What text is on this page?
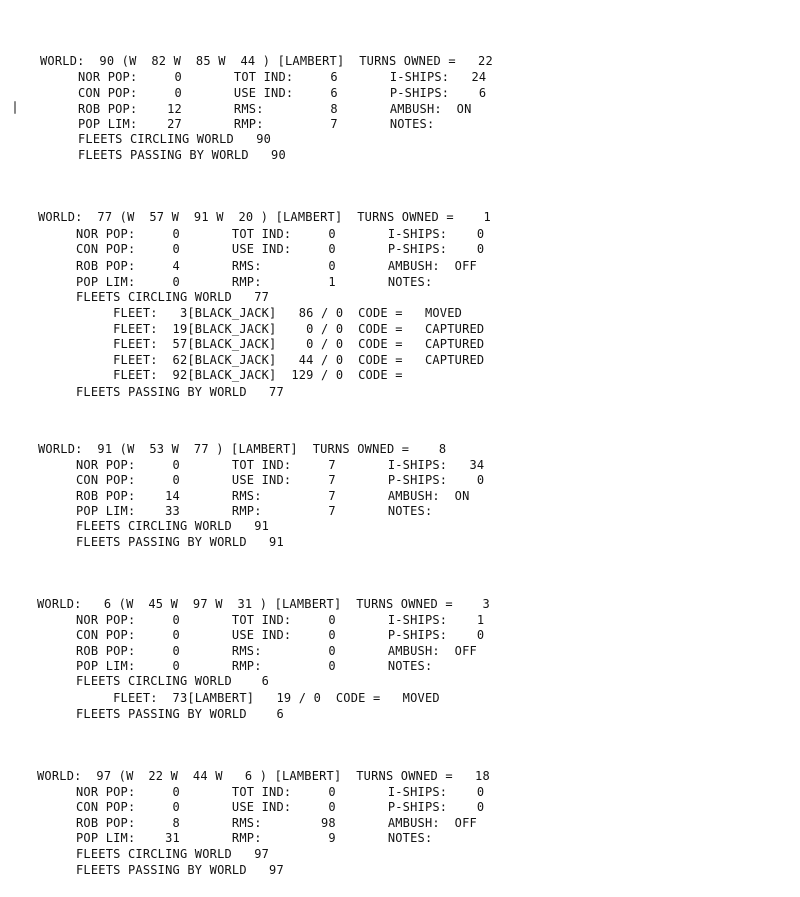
WORLD:  90 (W  82 W  85 W  44 ) [LAMBERT]  TURNS OWNED =   22
NOR POP:     0       TOT IND:     6       I-SHIPS:   24
CON POP:     0       USE IND:     6       P-SHIPS:    6
ROB POP:    12       RMS:         8       AMBUSH:  ON
POP LIM:    27       RMP:         7       NOTES:
FLEETS CIRCLING WORLD   90
FLEETS PASSING BY WORLD   90
WORLD:  77 (W  57 W  91 W  20 ) [LAMBERT]  TURNS OWNED =    1
NOR POP:     0       TOT IND:     0       I-SHIPS:    0
CON POP:     0       USE IND:     0       P-SHIPS:    0
ROB POP:     4       RMS:         0       AMBUSH:  OFF
POP LIM:     0       RMP:         1       NOTES:
FLEETS CIRCLING WORLD   77
FLEET:   3[BLACK_JACK]   86 / 0  CODE =   MOVED
FLEET:  19[BLACK_JACK]    0 / 0  CODE =   CAPTURED
FLEET:  57[BLACK_JACK]    0 / 0  CODE =   CAPTURED
FLEET:  62[BLACK_JACK]   44 / 0  CODE =   CAPTURED
FLEET:  92[BLACK_JACK]  129 / 0  CODE =
FLEETS PASSING BY WORLD   77
WORLD:  91 (W  53 W  77 ) [LAMBERT]  TURNS OWNED =    8
NOR POP:     0       TOT IND:     7       I-SHIPS:   34
CON POP:     0       USE IND:     7       P-SHIPS:    0
ROB POP:    14       RMS:         7       AMBUSH:  ON
POP LIM:    33       RMP:         7       NOTES:
FLEETS CIRCLING WORLD   91
FLEETS PASSING BY WORLD   91
WORLD:   6 (W  45 W  97 W  31 ) [LAMBERT]  TURNS OWNED =    3
NOR POP:     0       TOT IND:     0       I-SHIPS:    1
CON POP:     0       USE IND:     0       P-SHIPS:    0
ROB POP:     0       RMS:         0       AMBUSH:  OFF
POP LIM:     0       RMP:         0       NOTES:
FLEETS CIRCLING WORLD    6
FLEET:  73[LAMBERT]   19 / 0  CODE =   MOVED
FLEETS PASSING BY WORLD    6
WORLD:  97 (W  22 W  44 W   6 ) [LAMBERT]  TURNS OWNED =   18
NOR POP:     0       TOT IND:     0       I-SHIPS:    0
CON POP:     0       USE IND:     0       P-SHIPS:    0
ROB POP:     8       RMS:        98       AMBUSH:  OFF
POP LIM:    31       RMP:         9       NOTES:
FLEETS CIRCLING WORLD   97
FLEETS PASSING BY WORLD   97
